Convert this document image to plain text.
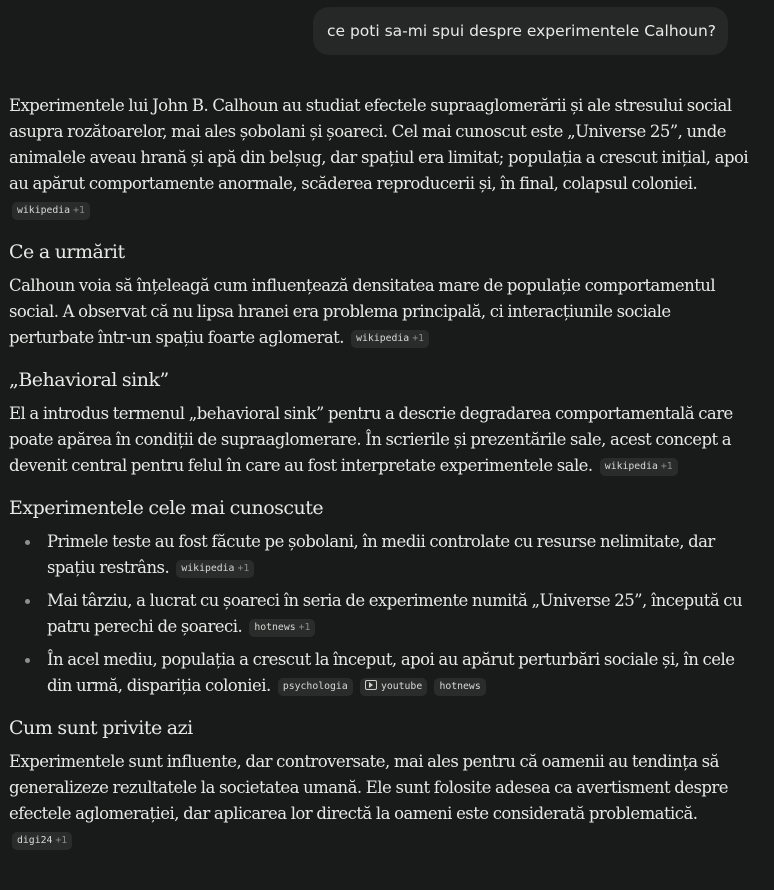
ce poti sa-mi spui despre experimentele Calhoun?

Experimentele lui John B. Calhoun au studiat efectele supraaglomerării și ale stresului social asupra rozătoarelor, mai ales șobolani și șoareci. Cel mai cunoscut este „Universe 25”, unde animalele aveau hrană și apă din belșug, dar spațiul era limitat; populația a crescut inițial, apoi au apărut comportamente anormale, scăderea reproducerii și, în final, colapsul coloniei. wikipedia +1

Ce a urmărit

Calhoun voia să înțeleagă cum influențează densitatea mare de populație comportamentul social. A observat că nu lipsa hranei era problema principală, ci interacțiunile sociale perturbate într-un spațiu foarte aglomerat. wikipedia +1

„Behavioral sink”

El a introdus termenul „behavioral sink” pentru a descrie degradarea comportamentală care poate apărea în condiții de supraaglomerare. În scrierile și prezentările sale, acest concept a devenit central pentru felul în care au fost interpretate experimentele sale. wikipedia +1

Experimentele cele mai cunoscute
Primele teste au fost făcute pe șobolani, în medii controlate cu resurse nelimitate, dar spațiu restrâns. wikipedia +1
Mai târziu, a lucrat cu șoareci în seria de experimente numită „Universe 25”, începută cu patru perechi de șoareci. hotnews +1
În acel mediu, populația a crescut la început, apoi au apărut perturbări sociale și, în cele din urmă, dispariția coloniei. psychologia	youtube hotnews
Cum sunt privite azi

Experimentele sunt influente, dar controversate, mai ales pentru că oamenii au tendința să generalizeze rezultatele la societatea umană. Ele sunt folosite adesea ca avertisment despre efectele aglomerației, dar aplicarea lor directă la oameni este considerată problematică. digi24 +1
